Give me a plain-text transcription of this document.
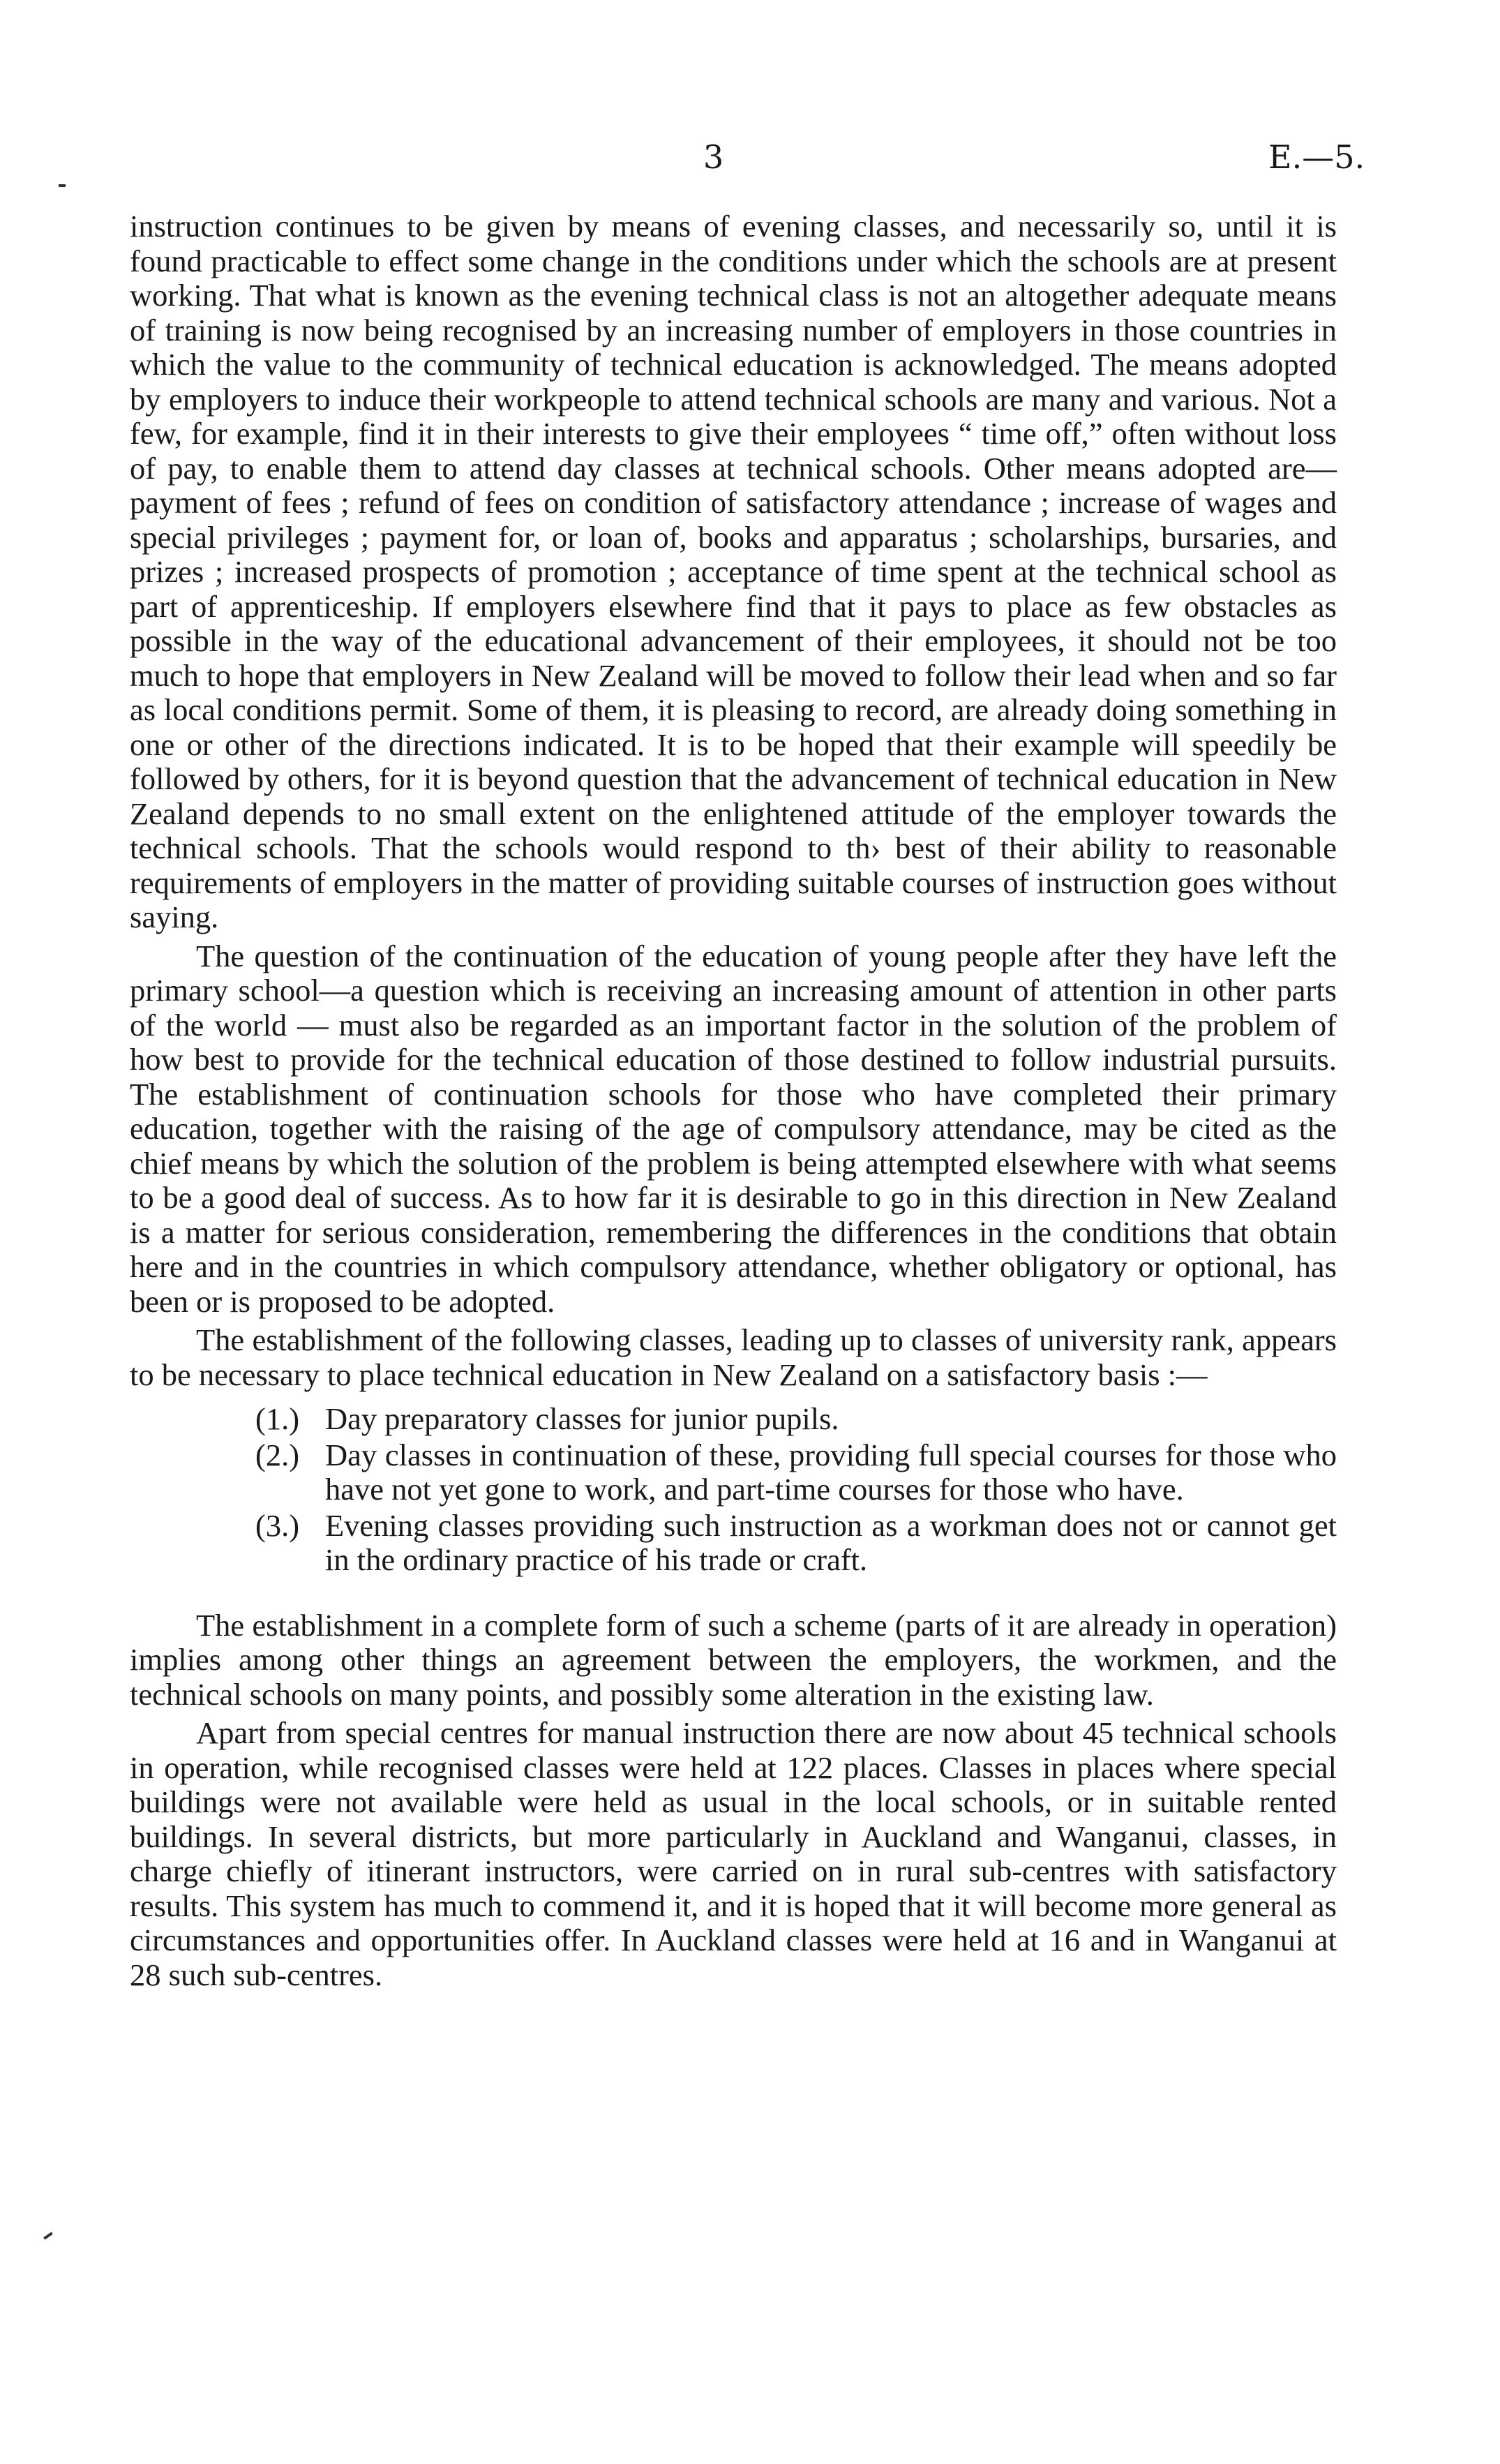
3	E.—5.

instruction continues to be given by means of evening classes, and necessarily so, until it is found practicable to effect some change in the conditions under which the schools are at present working. That what is known as the evening technical class is not an altogether adequate means of training is now being recognised by an increasing number of employers in those countries in which the value to the community of technical education is acknowledged. The means adopted by employers to induce their workpeople to attend technical schools are many and various. Not a few, for example, find it in their interests to give their employees “ time off,” often without loss of pay, to enable them to attend day classes at technical schools. Other means adopted are—payment of fees ; refund of fees on condition of satisfactory attendance ; increase of wages and special privileges ; payment for, or loan of, books and apparatus ; scholarships, bursaries, and prizes ; increased prospects of promotion ; acceptance of time spent at the technical school as part of apprenticeship. If employers elsewhere find that it pays to place as few obstacles as possible in the way of the educational advancement of their employees, it should not be too much to hope that employers in New Zealand will be moved to follow their lead when and so far as local conditions permit. Some of them, it is pleasing to record, are already doing something in one or other of the directions indicated. It is to be hoped that their example will speedily be followed by others, for it is beyond question that the advancement of technical education in New Zealand depends to no small extent on the enlightened attitude of the employer towards the technical schools. That the schools would respond to th› best of their ability to reasonable requirements of employers in the matter of providing suitable courses of instruction goes without saying.

The question of the continuation of the education of young people after they have left the primary school—a question which is receiving an increasing amount of attention in other parts of the world — must also be regarded as an important factor in the solution of the problem of how best to provide for the technical education of those destined to follow industrial pursuits. The establishment of continuation schools for those who have completed their primary education, together with the raising of the age of compulsory attendance, may be cited as the chief means by which the solution of the problem is being attempted elsewhere with what seems to be a good deal of success. As to how far it is desirable to go in this direction in New Zealand is a matter for serious consideration, remembering the differences in the conditions that obtain here and in the countries in which compulsory attendance, whether obligatory or optional, has been or is proposed to be adopted.

The establishment of the following classes, leading up to classes of university rank, appears to be necessary to place technical education in New Zealand on a satisfactory basis :—

(1.) Day preparatory classes for junior pupils.
(2.) Day classes in continuation of these, providing full special courses for those who have not yet gone to work, and part-time courses for those who have.
(3.) Evening classes providing such instruction as a workman does not or cannot get in the ordinary practice of his trade or craft.

The establishment in a complete form of such a scheme (parts of it are already in operation) implies among other things an agreement between the employers, the workmen, and the technical schools on many points, and possibly some alteration in the existing law.

Apart from special centres for manual instruction there are now about 45 technical schools in operation, while recognised classes were held at 122 places. Classes in places where special buildings were not available were held as usual in the local schools, or in suitable rented buildings. In several districts, but more particularly in Auckland and Wanganui, classes, in charge chiefly of itinerant instructors, were carried on in rural sub-centres with satisfactory results. This system has much to commend it, and it is hoped that it will become more general as circumstances and opportunities offer. In Auckland classes were held at 16 and in Wanganui at 28 such sub-centres.
